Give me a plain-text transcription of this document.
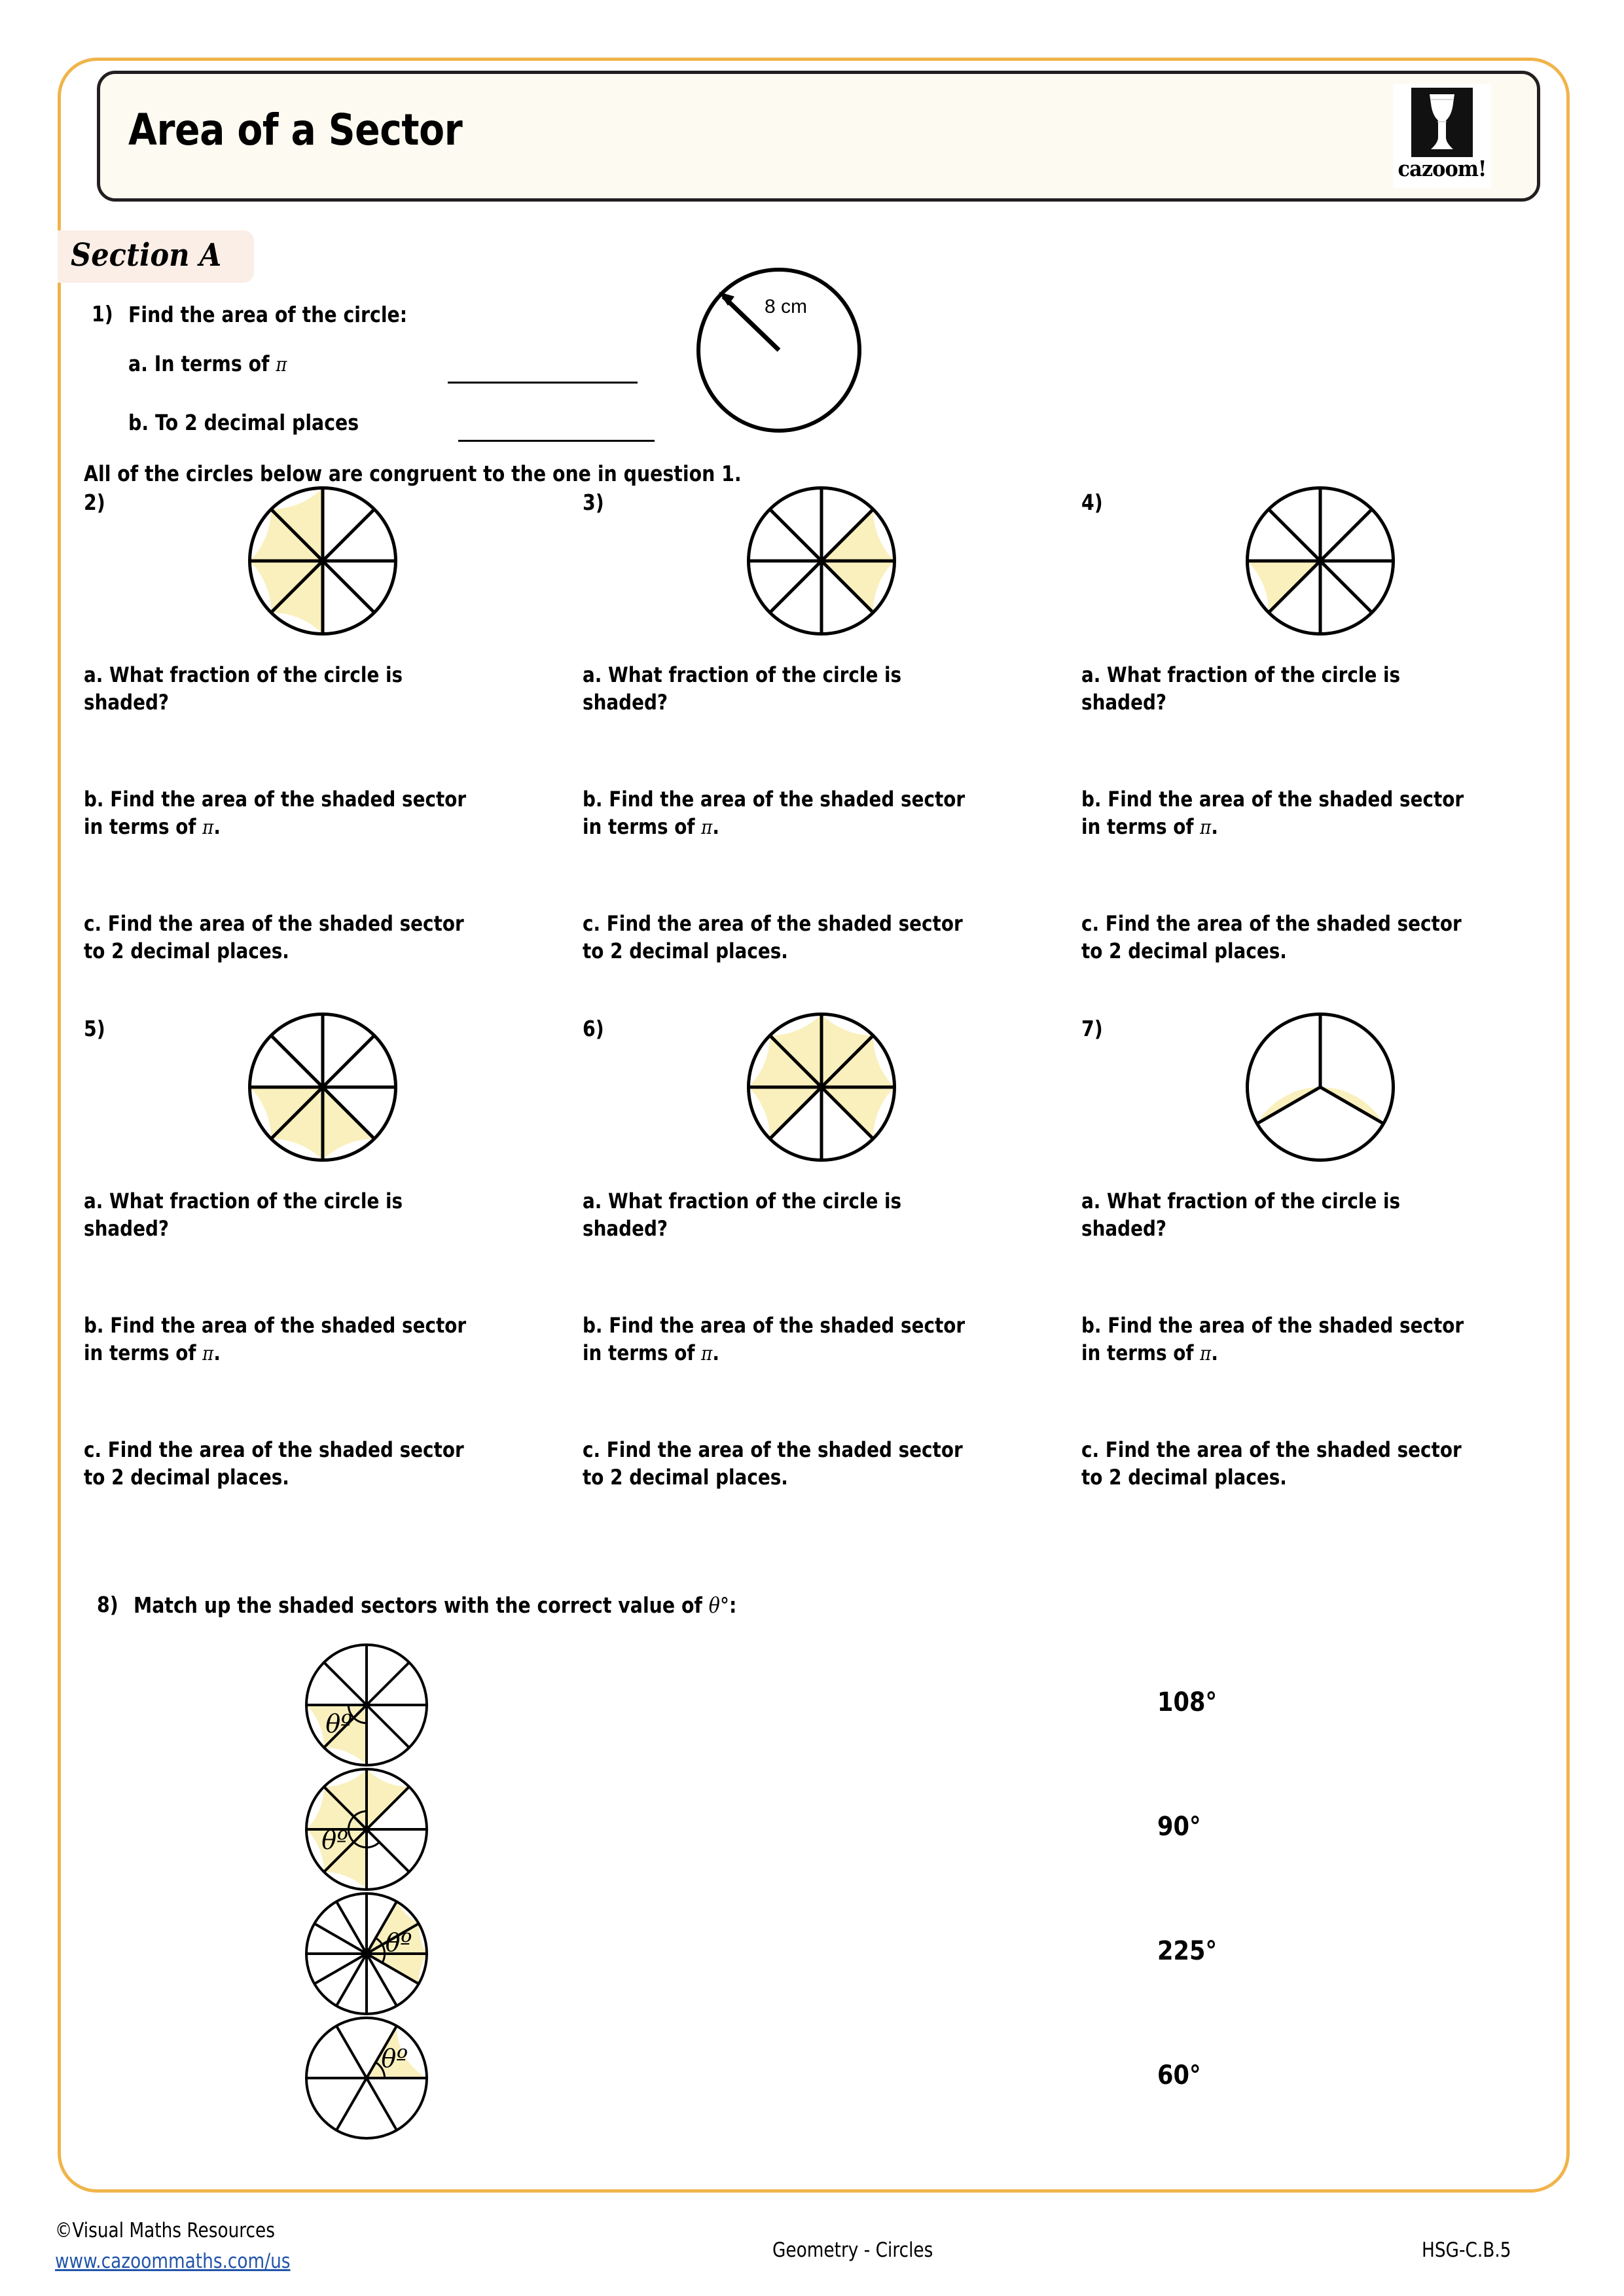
Area of a Sector
cazoom!
Section A
1) Find the area of the circle:
a. In terms of π
b. To 2 decimal places
8 cm
All of the circles below are congruent to the one in question 1.
2)
a. What fraction of the circle is shaded?
b. Find the area of the shaded sector in terms of π.
c. Find the area of the shaded sector to 2 decimal places.
3)
a. What fraction of the circle is shaded?
b. Find the area of the shaded sector in terms of π.
c. Find the area of the shaded sector to 2 decimal places.
4)
a. What fraction of the circle is shaded?
b. Find the area of the shaded sector in terms of π.
c. Find the area of the shaded sector to 2 decimal places.
5)
a. What fraction of the circle is shaded?
b. Find the area of the shaded sector in terms of π.
c. Find the area of the shaded sector to 2 decimal places.
6)
a. What fraction of the circle is shaded?
b. Find the area of the shaded sector in terms of π.
c. Find the area of the shaded sector to 2 decimal places.
7)
a. What fraction of the circle is shaded?
b. Find the area of the shaded sector in terms of π.
c. Find the area of the shaded sector to 2 decimal places.
8) Match up the shaded sectors with the correct value of θ°:
θº
θº
θº
θº
108°
90°
225°
60°
©Visual Maths Resources
www.cazoommaths.com/us	Geometry - Circles	HSG-C.B.5
